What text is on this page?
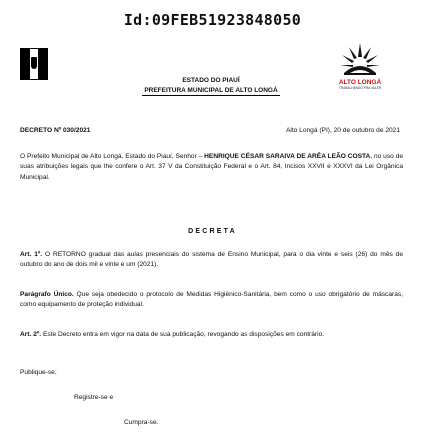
Id:09FEB51923848050
ESTADO DO PIAUÍ
PREFEITURA MUNICIPAL DE ALTO LONGÁ
ALTO LONGÁ
TRABALHANDO PRA VALER
DECRETO Nº 030/2021	Alto Longá (PI), 20 de outubro de 2021
O Prefeito Municipal de Alto Longá, Estado do Piauí, Senhor – HENRIQUE CÉSAR SARAIVA DE ARÊA LEÃO COSTA, no uso de suas atribuições legais que lhe confere o Art. 37 V da Constituição Federal e o Art. 84, Incisos XXVII e XXXVI da Lei Orgânica Municipal.
DECRETA
Art. 1º. O RETORNO gradual das aulas presenciais do sistema de Ensino Municipal, para o dia vinte e seis (26) do mês de outubro do ano de dois mil e vinte e um (2021).
Parágrafo Único. Que seja obedecido o protocolo de Medidas Higiênico-Sanitária, bem como o uso obrigatório de máscaras, como equipamento de proteção individual.
Art. 2º. Este Decreto entra em vigor na data de sua publicação, revogando as disposições em contrário.
Publique-se,
Registre-se e
Cumpra-se.
